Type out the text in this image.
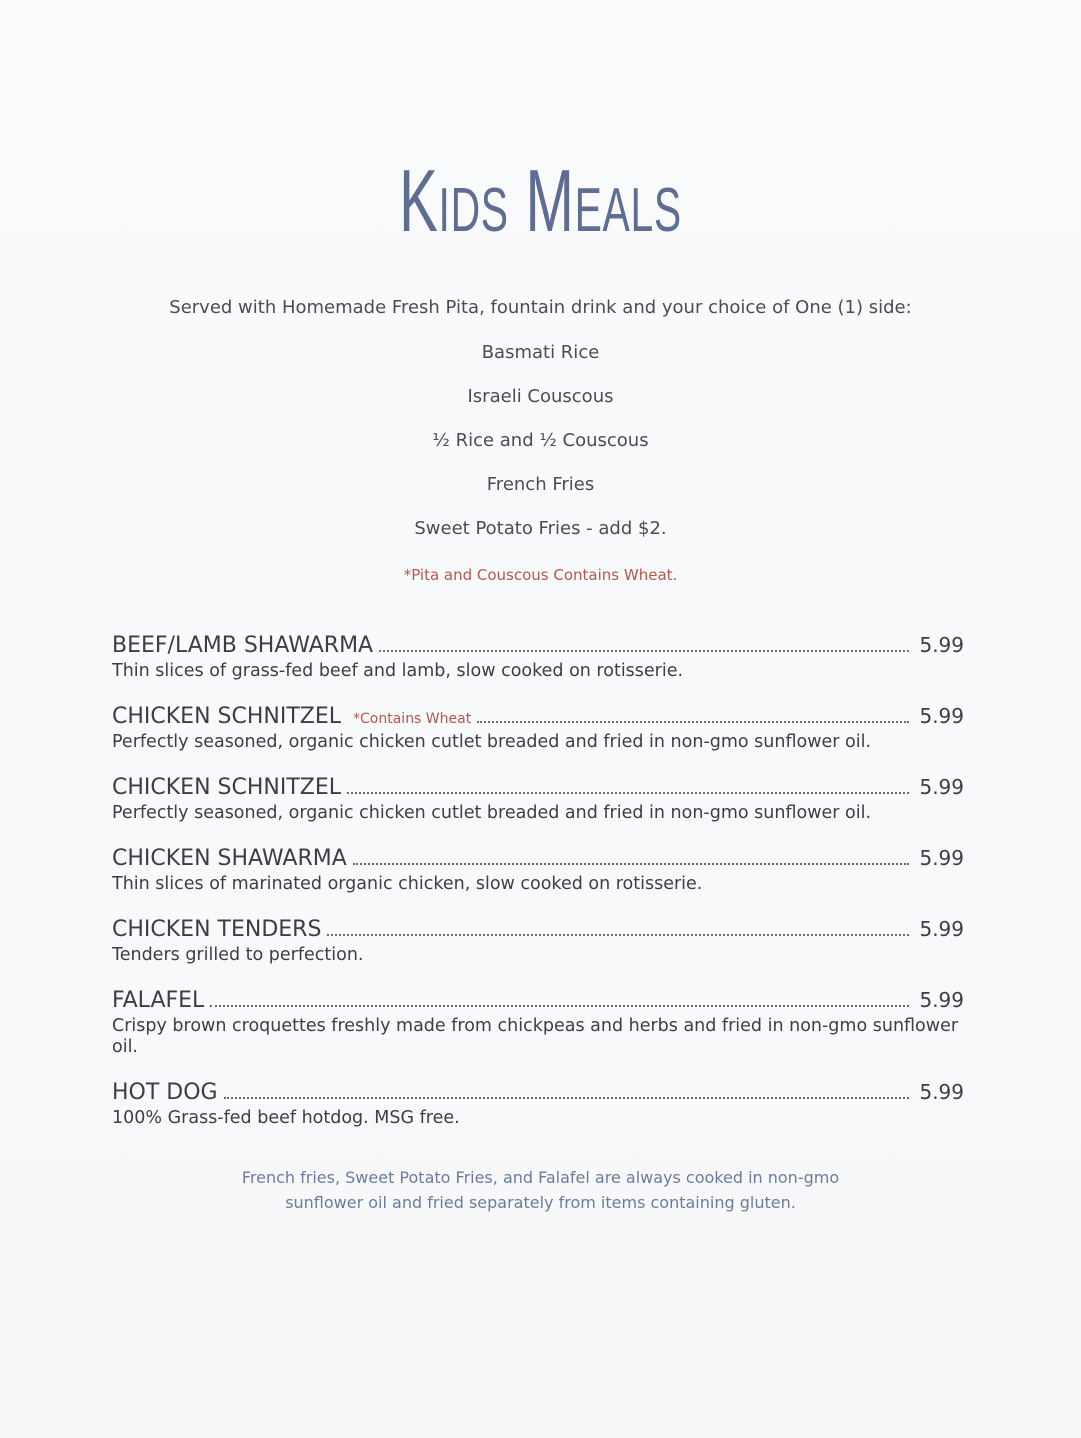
Kids Meals
Served with Homemade Fresh Pita, fountain drink and your choice of One (1) side:
Basmati Rice
Israeli Couscous
½ Rice and ½ Couscous
French Fries
Sweet Potato Fries - add $2.
*Pita and Couscous Contains Wheat.
BEEF/LAMB SHAWARMA	5.99
Thin slices of grass-fed beef and lamb, slow cooked on rotisserie.
CHICKEN SCHNITZEL *Contains Wheat	5.99
Perfectly seasoned, organic chicken cutlet breaded and fried in non-gmo sunflower oil.
CHICKEN SCHNITZEL	5.99
Perfectly seasoned, organic chicken cutlet breaded and fried in non-gmo sunflower oil.
CHICKEN SHAWARMA	5.99
Thin slices of marinated organic chicken, slow cooked on rotisserie.
CHICKEN TENDERS	5.99
Tenders grilled to perfection.
FALAFEL	5.99
Crispy brown croquettes freshly made from chickpeas and herbs and fried in non-gmo sunflower oil.
HOT DOG	5.99
100% Grass-fed beef hotdog. MSG free.
French fries, Sweet Potato Fries, and Falafel are always cooked in non-gmo
sunflower oil and fried separately from items containing gluten.
